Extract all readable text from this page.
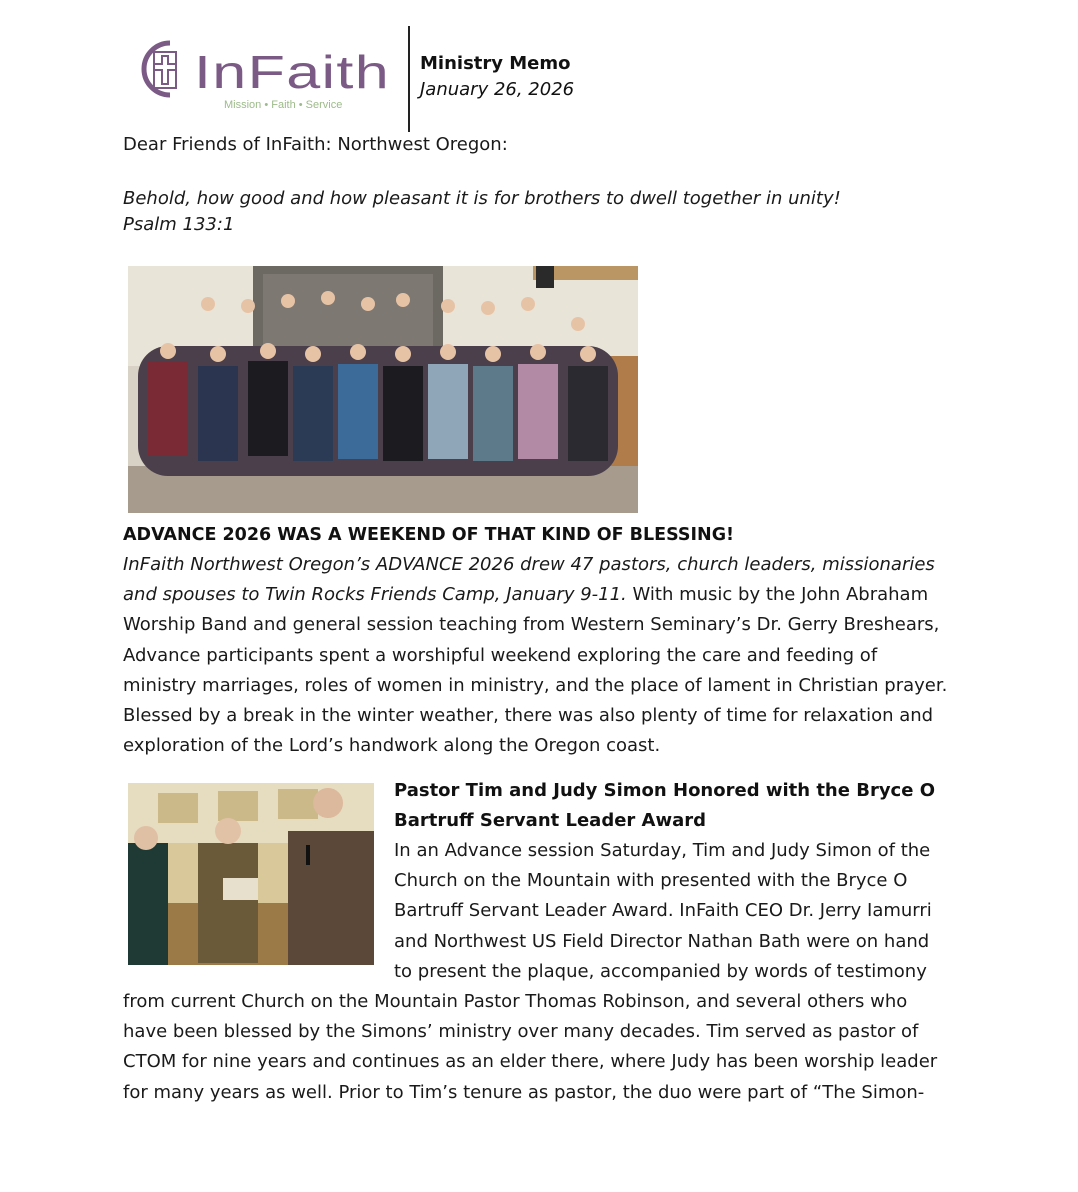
InFaith
Mission • Faith • Service
Ministry Memo
January 26, 2026
Dear Friends of InFaith: Northwest Oregon:
Behold, how good and how pleasant it is for brothers to dwell together in unity!
Psalm 133:1
ADVANCE 2026 WAS A WEEKEND OF THAT KIND OF BLESSING!
InFaith Northwest Oregon’s ADVANCE 2026 drew 47 pastors, church leaders, missionaries
and spouses to Twin Rocks Friends Camp, January 9-11. With music by the John Abraham
Worship Band and general session teaching from Western Seminary’s Dr. Gerry Breshears,
Advance participants spent a worshipful weekend exploring the care and feeding of
ministry marriages, roles of women in ministry, and the place of lament in Christian prayer.
Blessed by a break in the winter weather, there was also plenty of time for relaxation and
exploration of the Lord’s handwork along the Oregon coast.
Pastor Tim and Judy Simon Honored with the Bryce O
Bartruff Servant Leader Award
In an Advance session Saturday, Tim and Judy Simon of the
Church on the Mountain with presented with the Bryce O
Bartruff Servant Leader Award. InFaith CEO Dr. Jerry Iamurri
and Northwest US Field Director Nathan Bath were on hand
to present the plaque, accompanied by words of testimony
from current Church on the Mountain Pastor Thomas Robinson, and several others who
have been blessed by the Simons’ ministry over many decades. Tim served as pastor of
CTOM for nine years and continues as an elder there, where Judy has been worship leader
for many years as well. Prior to Tim’s tenure as pastor, the duo were part of “The Simon-
